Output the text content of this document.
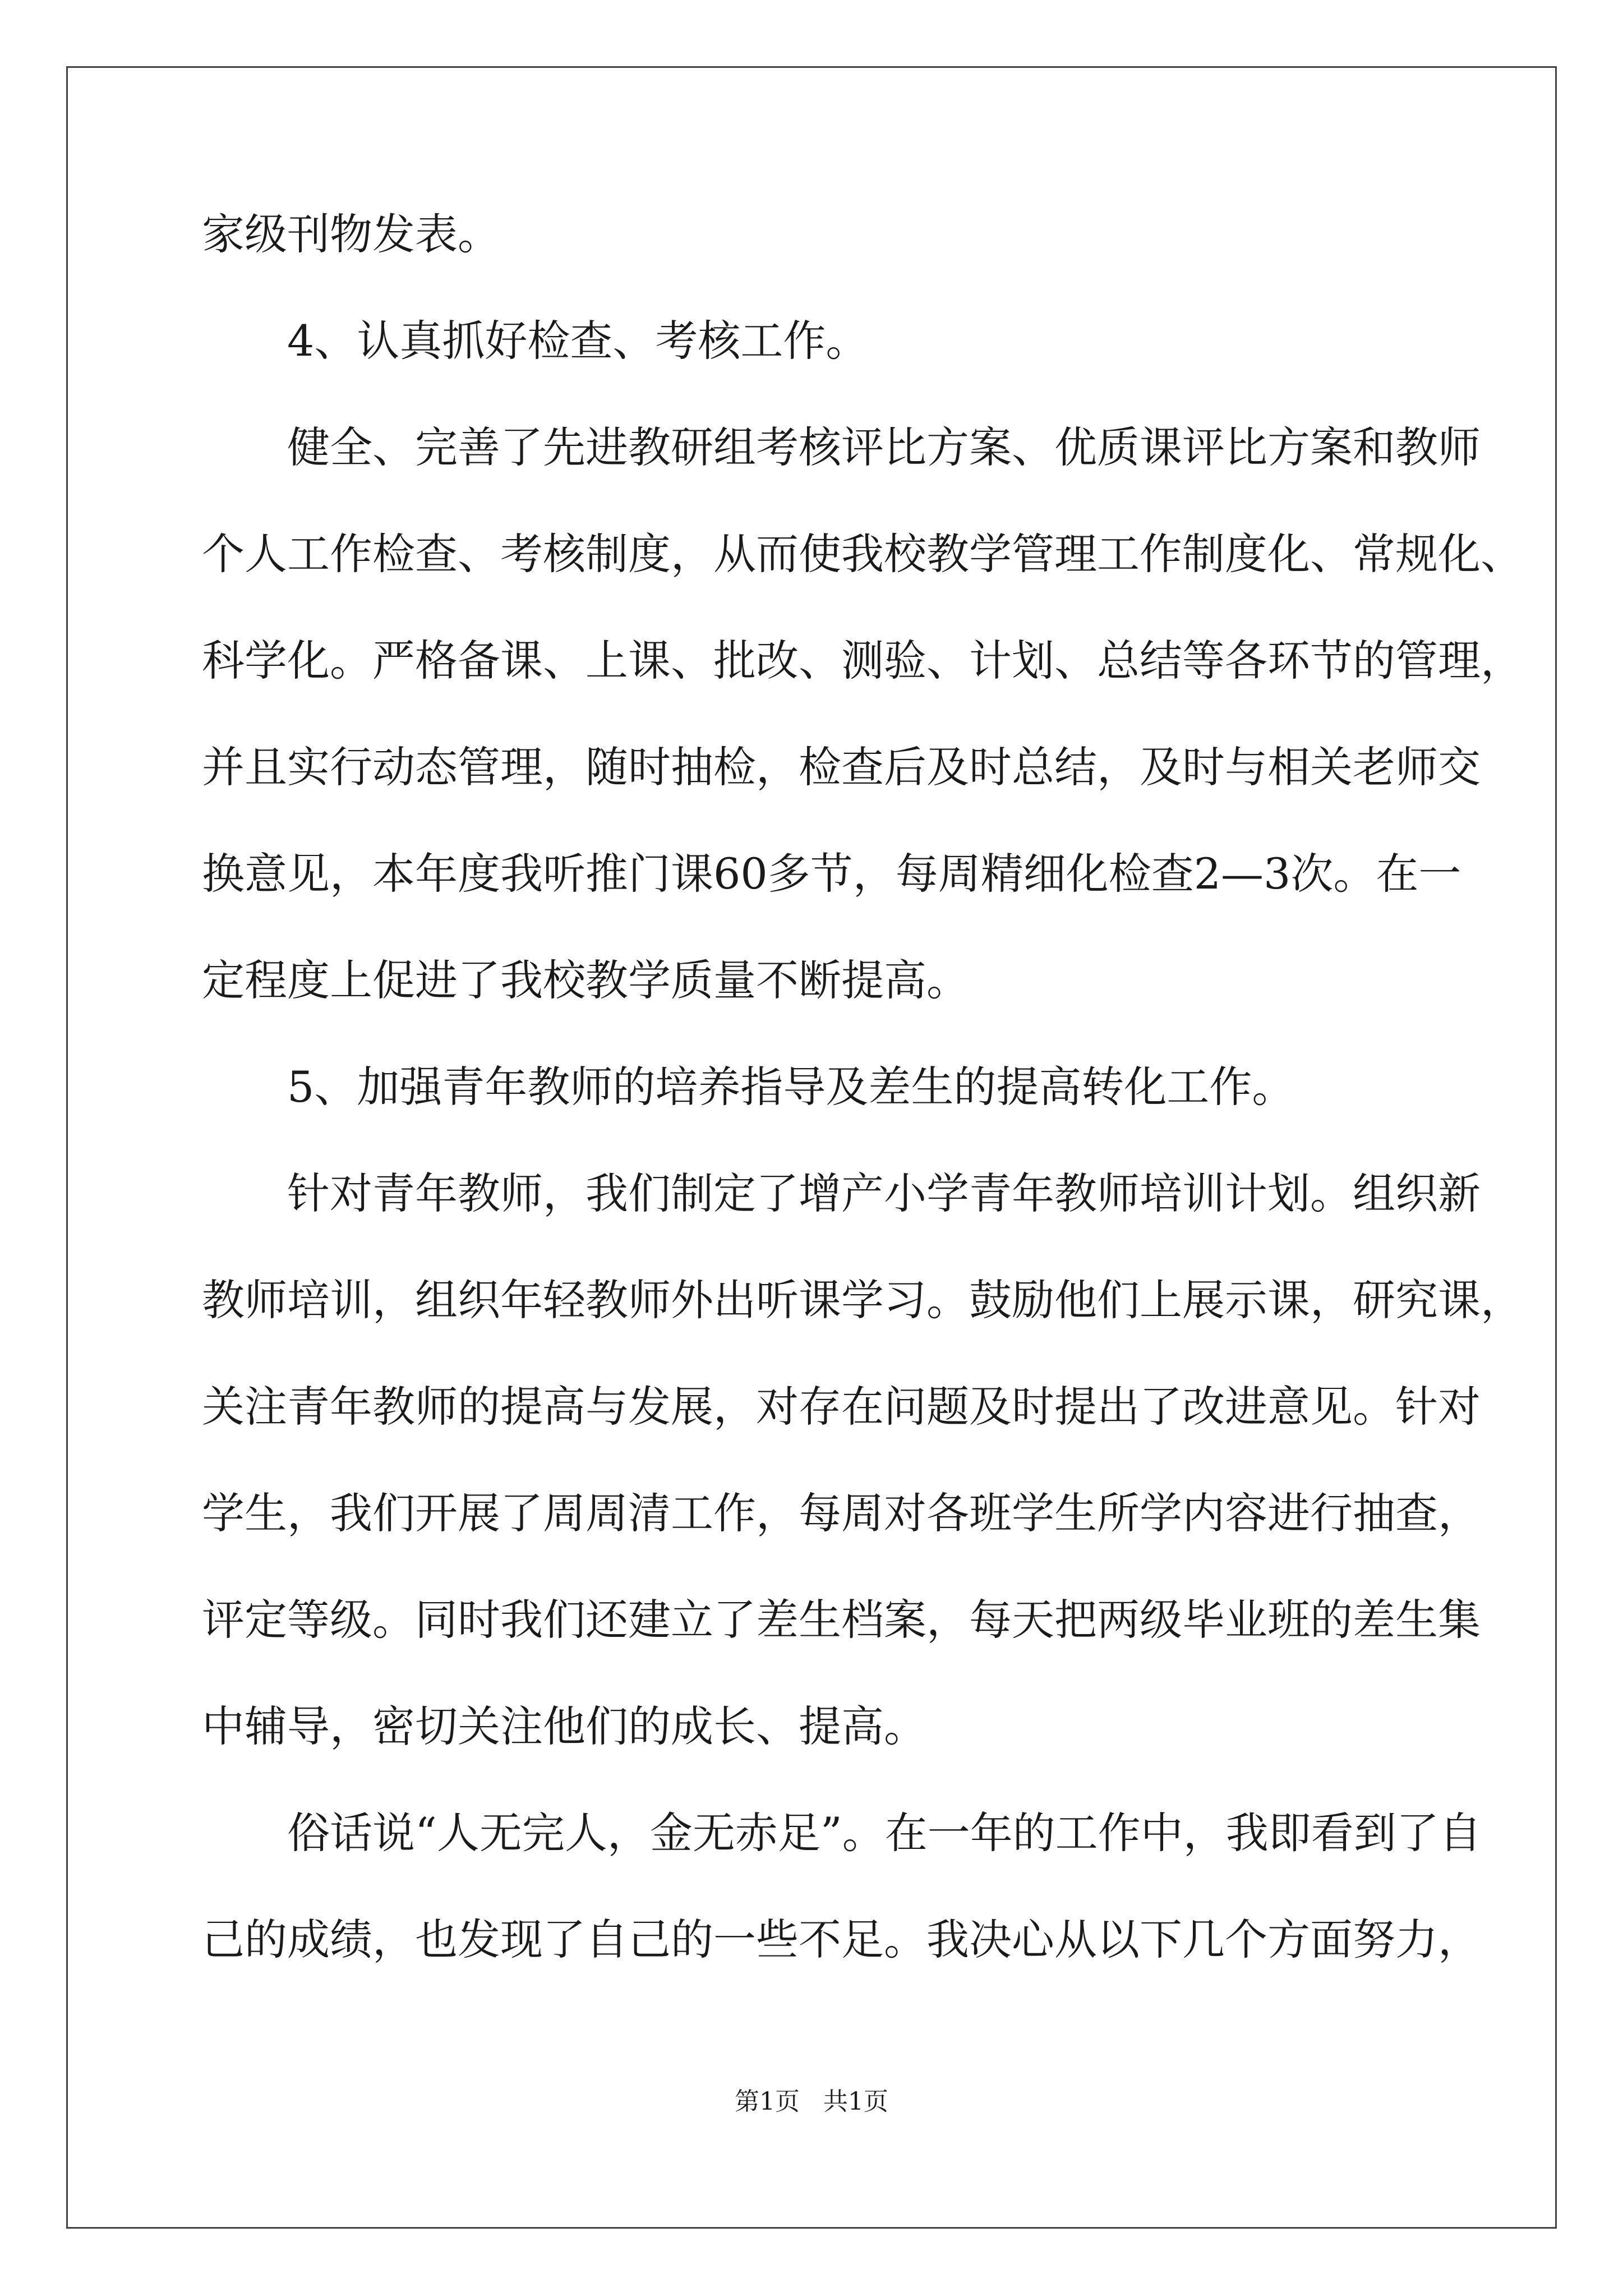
家级刊物发表。
4、认真抓好检查、考核工作。
健全、完善了先进教研组考核评比方案、优质课评比方案和教师
个人工作检查、考核制度，从而使我校教学管理工作制度化、常规化、
科学化。严格备课、上课、批改、测验、计划、总结等各环节的管理，
并且实行动态管理，随时抽检，检查后及时总结，及时与相关老师交
换意见，本年度我听推门课60多节，每周精细化检查2—3次。在一
定程度上促进了我校教学质量不断提高。
5、加强青年教师的培养指导及差生的提高转化工作。
针对青年教师，我们制定了增产小学青年教师培训计划。组织新
教师培训，组织年轻教师外出听课学习。鼓励他们上展示课，研究课，
关注青年教师的提高与发展，对存在问题及时提出了改进意见。针对
学生，我们开展了周周清工作，每周对各班学生所学内容进行抽查，
评定等级。同时我们还建立了差生档案，每天把两级毕业班的差生集
中辅导，密切关注他们的成长、提高。
俗话说“人无完人，金无赤足”。在一年的工作中，我即看到了自
己的成绩，也发现了自己的一些不足。我决心从以下几个方面努力，
第1页   共1页
